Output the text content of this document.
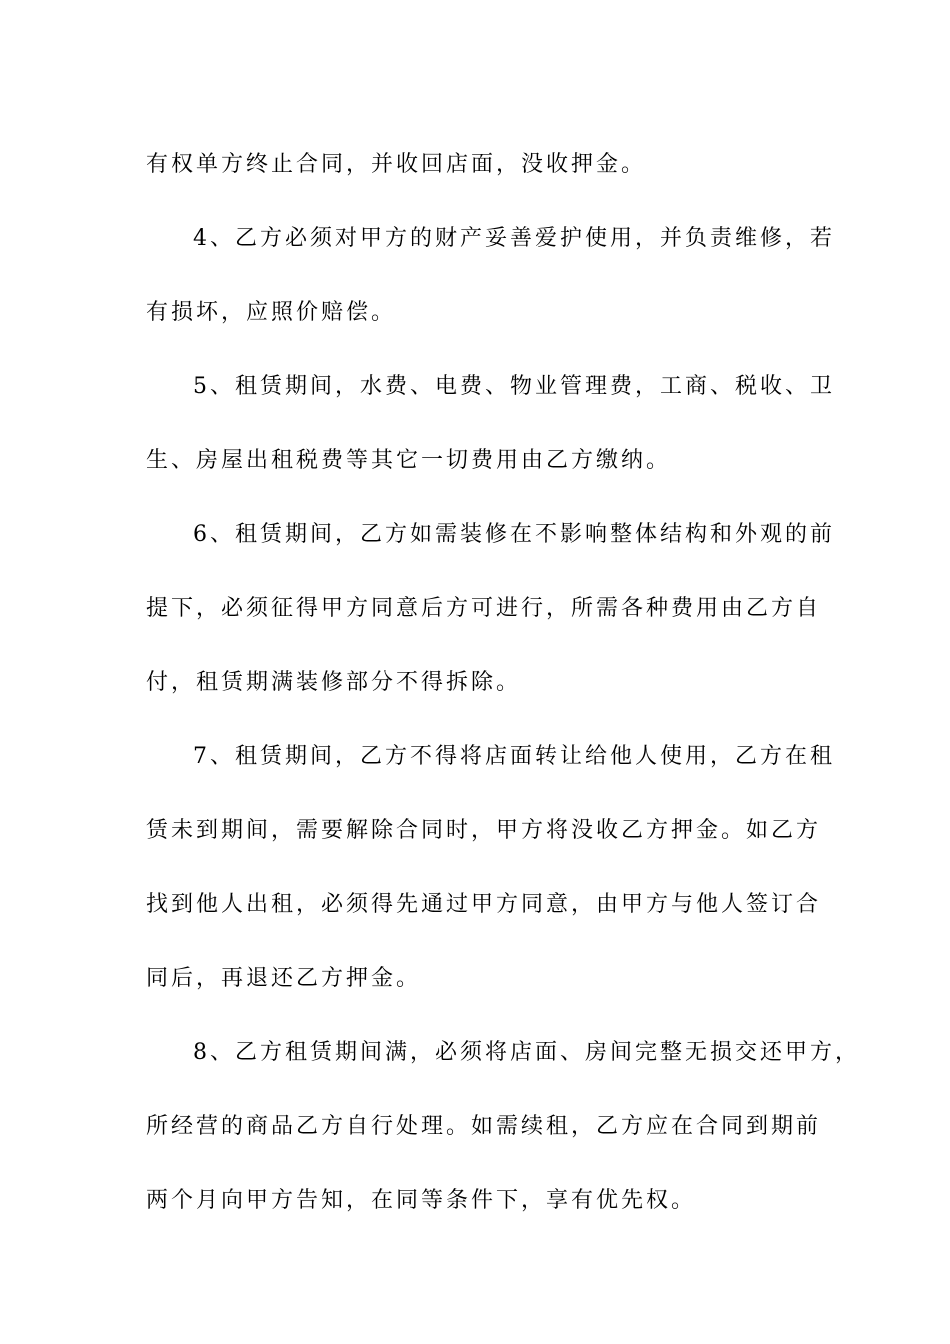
有权单方终止合同，并收回店面，没收押金。
4、乙方必须对甲方的财产妥善爱护使用，并负责维修，若
有损坏，应照价赔偿。
5、租赁期间，水费、电费、物业管理费，工商、税收、卫
生、房屋出租税费等其它一切费用由乙方缴纳。
6、租赁期间，乙方如需装修在不影响整体结构和外观的前
提下，必须征得甲方同意后方可进行，所需各种费用由乙方自
付，租赁期满装修部分不得拆除。
7、租赁期间，乙方不得将店面转让给他人使用，乙方在租
赁未到期间，需要解除合同时，甲方将没收乙方押金。如乙方
找到他人出租，必须得先通过甲方同意，由甲方与他人签订合
同后，再退还乙方押金。
8、乙方租赁期间满，必须将店面、房间完整无损交还甲方，
所经营的商品乙方自行处理。如需续租，乙方应在合同到期前
两个月向甲方告知，在同等条件下，享有优先权。
